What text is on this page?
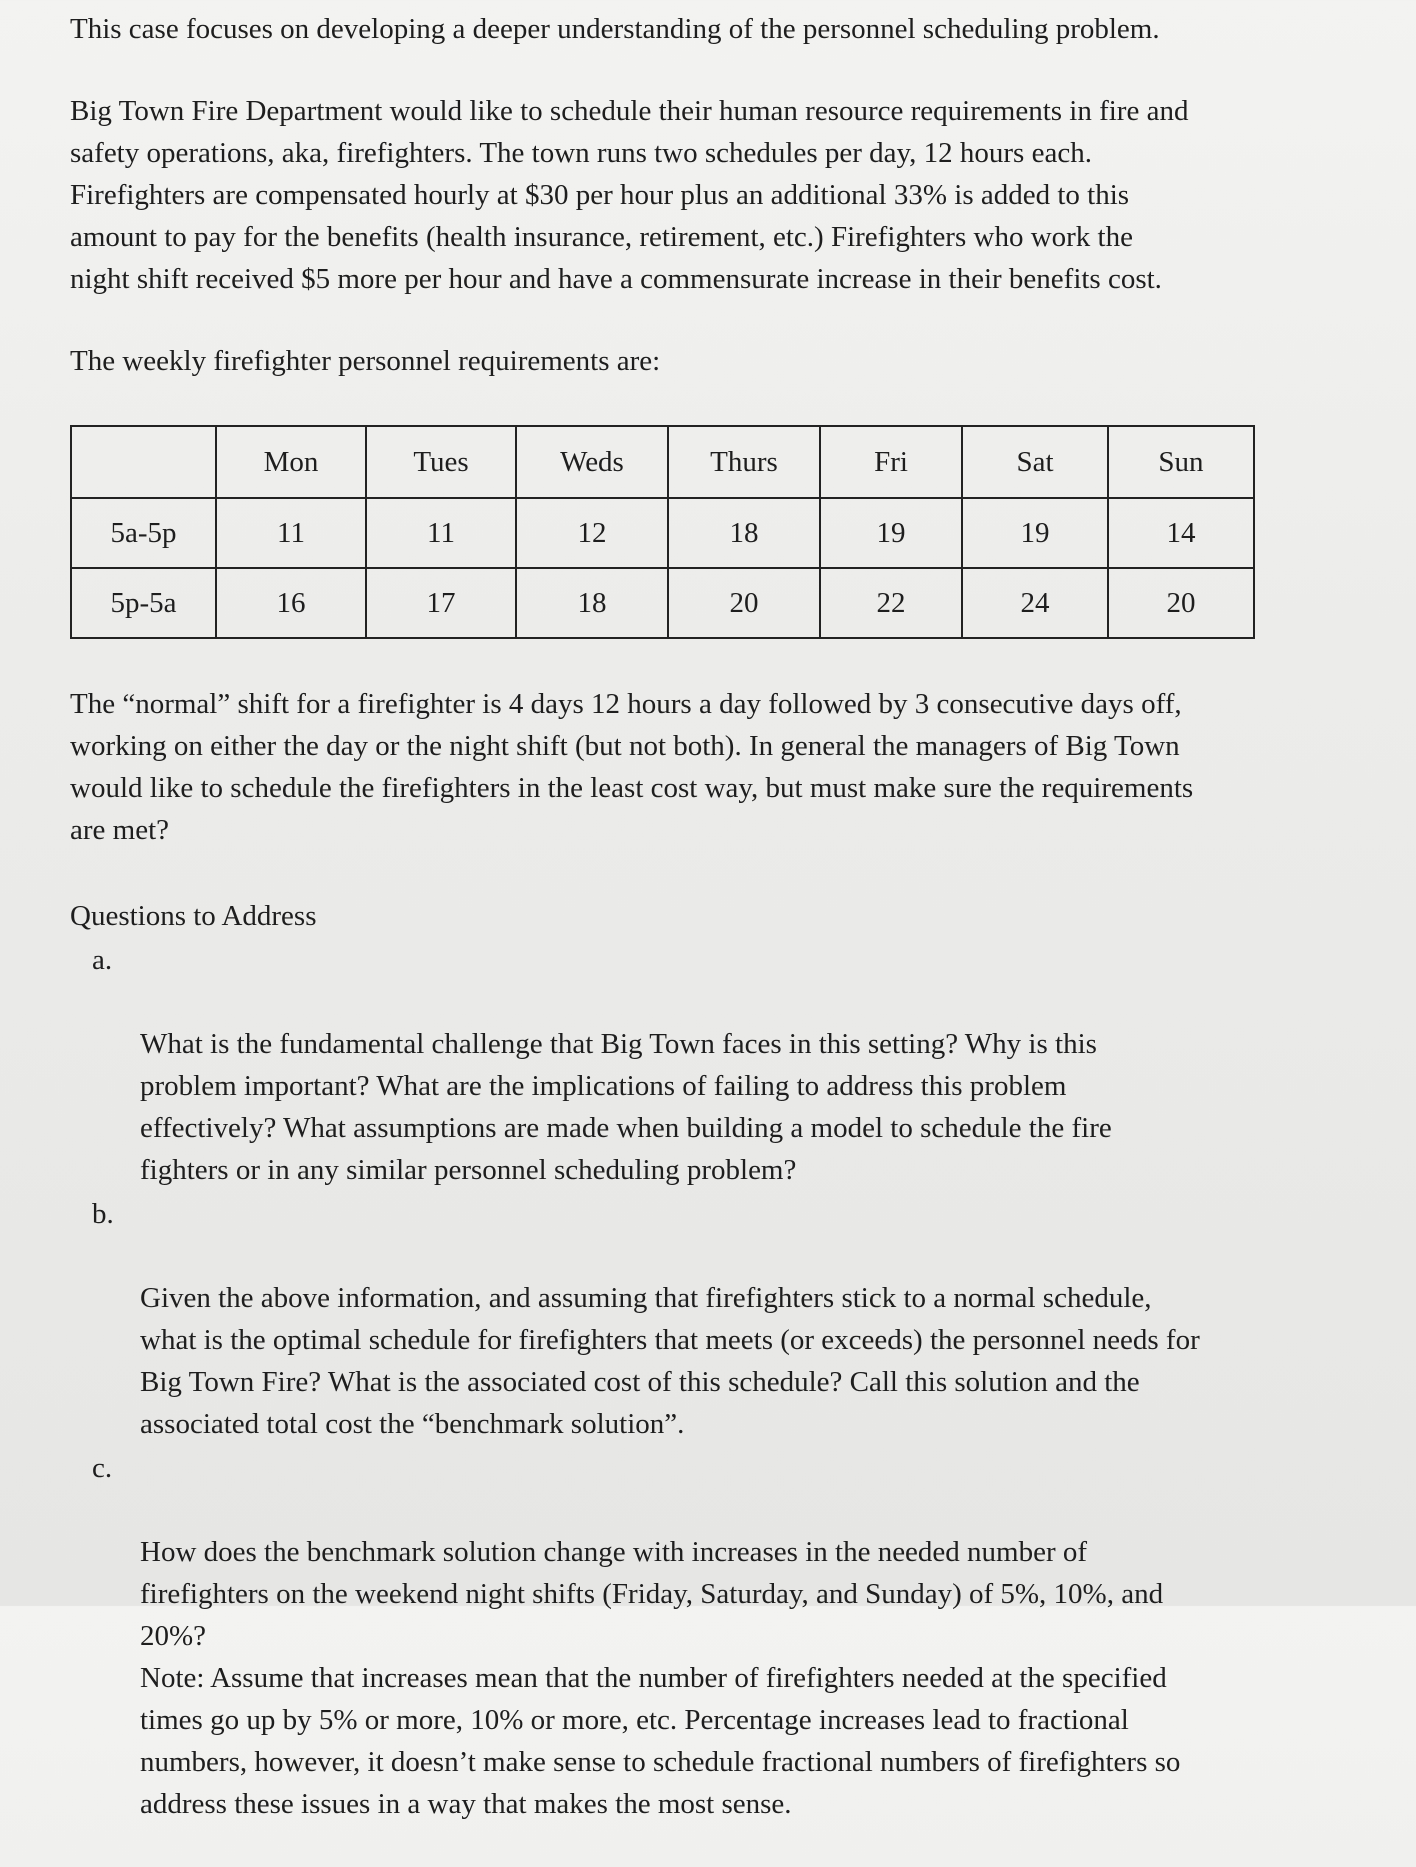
This case focuses on developing a deeper understanding of the personnel scheduling problem.

Big Town Fire Department would like to schedule their human resource requirements in fire and
safety operations, aka, firefighters. The town runs two schedules per day, 12 hours each.
Firefighters are compensated hourly at $30 per hour plus an additional 33% is added to this
amount to pay for the benefits (health insurance, retirement, etc.) Firefighters who work the
night shift received $5 more per hour and have a commensurate increase in their benefits cost.

The weekly firefighter personnel requirements are:

	Mon	Tues	Weds	Thurs	Fri	Sat	Sun
5a-5p	11	11	12	18	19	19	14
5p-5a	16	17	18	20	22	24	20

The “normal” shift for a firefighter is 4 days 12 hours a day followed by 3 consecutive days off,
working on either the day or the night shift (but not both). In general the managers of Big Town
would like to schedule the firefighters in the least cost way, but must make sure the requirements
are met?

Questions to Address

a.

What is the fundamental challenge that Big Town faces in this setting? Why is this
problem important? What are the implications of failing to address this problem
effectively? What assumptions are made when building a model to schedule the fire
fighters or in any similar personnel scheduling problem?

b.

Given the above information, and assuming that firefighters stick to a normal schedule,
what is the optimal schedule for firefighters that meets (or exceeds) the personnel needs for
Big Town Fire? What is the associated cost of this schedule? Call this solution and the
associated total cost the “benchmark solution”.

c.

How does the benchmark solution change with increases in the needed number of
firefighters on the weekend night shifts (Friday, Saturday, and Sunday) of 5%, 10%, and
20%?

Note: Assume that increases mean that the number of firefighters needed at the specified
times go up by 5% or more, 10% or more, etc. Percentage increases lead to fractional
numbers, however, it doesn’t make sense to schedule fractional numbers of firefighters so
address these issues in a way that makes the most sense.
